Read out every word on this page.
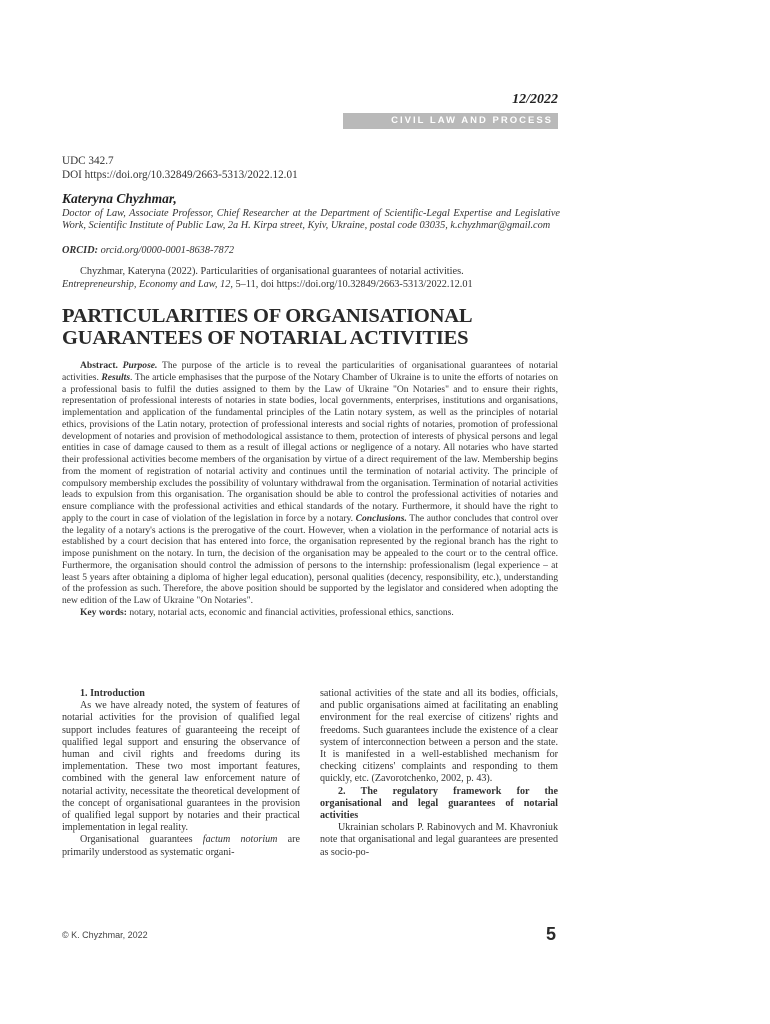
12/2022
CIVIL LAW AND PROCESS
UDC 342.7
DOI https://doi.org/10.32849/2663-5313/2022.12.01
Kateryna Chyzhmar,
Doctor of Law, Associate Professor, Chief Researcher at the Department of Scientific-Legal Expertise and Legislative Work, Scientific Institute of Public Law, 2a H. Kirpa street, Kyiv, Ukraine, postal code 03035, k.chyzhmar@gmail.com
ORCID: orcid.org/0000-0001-8638-7872
Chyzhmar, Kateryna (2022). Particularities of organisational guarantees of notarial activities.
Entrepreneurship, Economy and Law, 12, 5–11, doi https://doi.org/10.32849/2663-5313/2022.12.01
PARTICULARITIES OF ORGANISATIONAL GUARANTEES OF NOTARIAL ACTIVITIES

Abstract. Purpose. The purpose of the article is to reveal the particularities of organisational guarantees of notarial activities. Results. The article emphasises that the purpose of the Notary Chamber of Ukraine is to unite the efforts of notaries on a professional basis to fulfil the duties assigned to them by the Law of Ukraine "On Notaries" and to ensure their rights, representation of professional interests of notaries in state bodies, local governments, enterprises, institutions and organisations, implementation and application of the fundamental principles of the Latin notary system, as well as the principles of notarial ethics, provisions of the Latin notary, protection of professional interests and social rights of notaries, promotion of professional development of notaries and provision of methodological assistance to them, protection of interests of physical persons and legal entities in case of damage caused to them as a result of illegal actions or negligence of a notary. All notaries who have started their professional activities become members of the organisation by virtue of a direct requirement of the law. Membership begins from the moment of registration of notarial activity and continues until the termination of notarial activity. The principle of compulsory membership excludes the possibility of voluntary withdrawal from the organisation. Termination of notarial activities leads to expulsion from this organisation. The organisation should be able to control the professional activities of notaries and ensure compliance with the professional activities and ethical standards of the notary. Furthermore, it should have the right to apply to the court in case of violation of the legislation in force by a notary. Conclusions. The author concludes that control over the legality of a notary's actions is the prerogative of the court. However, when a violation in the performance of notarial acts is established by a court decision that has entered into force, the organisation represented by the regional branch has the right to impose punishment on the notary. In turn, the decision of the organisation may be appealed to the court or to the central office. Furthermore, the organisation should control the admission of persons to the internship: professionalism (legal experience – at least 5 years after obtaining a diploma of higher legal education), personal qualities (decency, responsibility, etc.), understanding of the profession as such. Therefore, the above position should be supported by the legislator and considered when adopting the new edition of the Law of Ukraine "On Notaries".

Key words: notary, notarial acts, economic and financial activities, professional ethics, sanctions.

1. Introduction

As we have already noted, the system of features of notarial activities for the provision of qualified legal support includes features of guaranteeing the receipt of qualified legal support and ensuring the observance of human and civil rights and freedoms during its implementation. These two most important features, combined with the general law enforcement nature of notarial activity, necessitate the theoretical development of the concept of organisational guarantees in the provision of qualified legal support by notaries and their practical implementation in legal reality.

Organisational guarantees factum notorium are primarily understood as systematic organi-

sational activities of the state and all its bodies, officials, and public organisations aimed at facilitating an enabling environment for the real exercise of citizens' rights and freedoms. Such guarantees include the existence of a clear system of interconnection between a person and the state. It is manifested in a well-established mechanism for checking citizens' complaints and responding to them quickly, etc. (Zavorotchenko, 2002, p. 43).

2. The regulatory framework for the organisational and legal guarantees of notarial activities

Ukrainian scholars P. Rabinovych and M. Khavroniuk note that organisational and legal guarantees are presented as socio-po-

© K. Chyzhmar, 2022	5
